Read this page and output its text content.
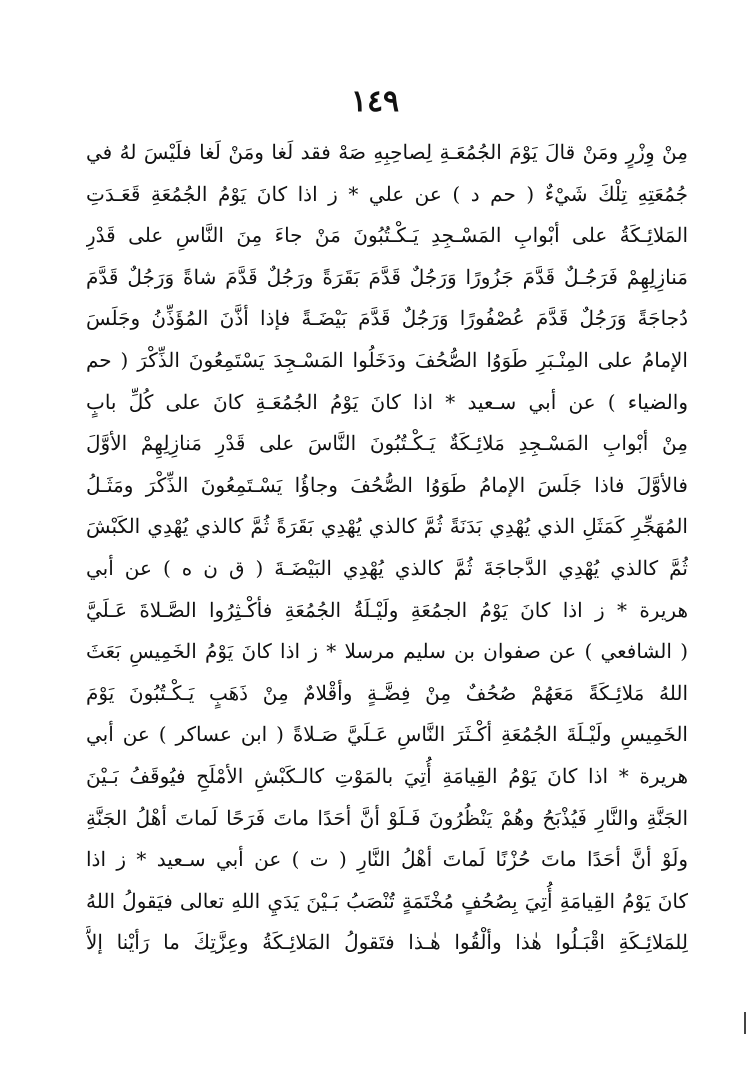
١٤٩
مِنْ وِزْرٍ ومَنْ قالَ يَوْمَ الجُمُعَـةِ لِصاحِبِهِ صَهْ فقد لَغا ومَنْ لَغا فلَيْسَ لهُ في
جُمُعَتِهِ تِلْكَ شَيْءٌ ( حم د ) عن علي * ز اذا كانَ يَوْمُ الجُمُعَةِ قَعَـدَتِ
المَلائِـكَةُ على أبْوابِ المَسْـجِدِ يَـكْـتُبُونَ مَنْ جاءَ مِنَ النَّاسِ على قَدْرِ
مَنازِلِهِمْ فَرَجُـلٌ قَدَّمَ جَزُورًا وَرَجُلٌ قَدَّمَ بَقَرَةً ورَجُلٌ قَدَّمَ شاةً وَرَجُلٌ قَدَّمَ
دُجاجَةً وَرَجُلٌ قَدَّمَ عُصْفُورًا وَرَجُلٌ قَدَّمَ بَيْضَـةً فإذا أذَّنَ المُؤَذِّنُ وجَلَسَ
الإمامُ على المِنْـبَرِ طَوَوُا الصُّحُفَ ودَخَلُوا المَسْـجِدَ يَسْتَمِعُونَ الذِّكْرَ ( حم
والضياء ) عن أبي سـعيد * اذا كانَ يَوْمُ الجُمُعَـةِ كانَ على كُلِّ بابٍ
مِنْ أبْوابِ المَسْـجِدِ مَلائِـكَةٌ يَـكْـتُبُونَ النَّاسَ على قَدْرِ مَنازِلِهِمْ الأوَّلَ
فالأوَّلَ فاذا جَلَسَ الإمامُ طَوَوُا الصُّحُفَ وجاؤُا يَسْـتَمِعُونَ الذِّكْرَ ومَثَـلُ
المُهَجِّرِ كَمَثَلِ الذي يُهْدِي بَدَنَةً ثُمَّ كالذي يُهْدِي بَقَرَةً ثُمَّ كالذي يُهْدِي الكَبْشَ
ثُمَّ كالذي يُهْدِي الدَّجاجَةَ ثُمَّ كالذي يُهْدِي البَيْضَـةَ ( ق ن ه ) عن أبي
هريرة * ز اذا كانَ يَوْمُ الجمُعَةِ ولَيْـلَةُ الجُمُعَةِ فأكْـثِرُوا الصَّـلاةَ عَـلَيَّ
( الشافعي ) عن صفوان بن سليم مرسلا * ز اذا كانَ يَوْمُ الخَمِيسِ بَعَثَ
اللهُ مَلائِـكَةً مَعَهُمْ صُحُفٌ مِنْ فِضَّـةٍ وأقْلامٌ مِنْ ذَهَبٍ يَـكْـتُبُونَ يَوْمَ
الخَمِيسِ ولَيْـلَةَ الجُمُعَةِ أكْـثَرَ النَّاسِ عَـلَيَّ صَـلاةً ( ابن عساكر ) عن أبي
هريرة * اذا كانَ يَوْمُ القِيامَةِ أُتِيَ بالمَوْتِ كالـكَبْشِ الأمْلَحِ فيُوقَفُ بَـيْنَ
الجَنَّةِ والنَّارِ فَيُذْبَحُ وهُمْ يَنْظُرُونَ فَـلَوْ أنَّ أحَدًا ماتَ فَرَحًا لَماتَ أهْلُ الجَنَّةِ
ولَوْ أنَّ أحَدًا ماتَ حُزْنًا لَماتَ أهْلُ النَّارِ ( ت ) عن أبي سـعيد * ز اذا
كانَ يَوْمُ القِيامَةِ أُتِيَ بِصُحُفٍ مُخْتَمَةٍ تُنْصَبُ بَـيْنَ يَدَيِ اللهِ تعالى فيَقولُ اللهُ
لِلمَلائِـكَةِ اقْبَـلُوا هٰذا وألْقُوا هٰـذا فتَقولُ المَلائِـكَةُ وعِزَّتِكَ ما رَأيْنا إلاَّ
